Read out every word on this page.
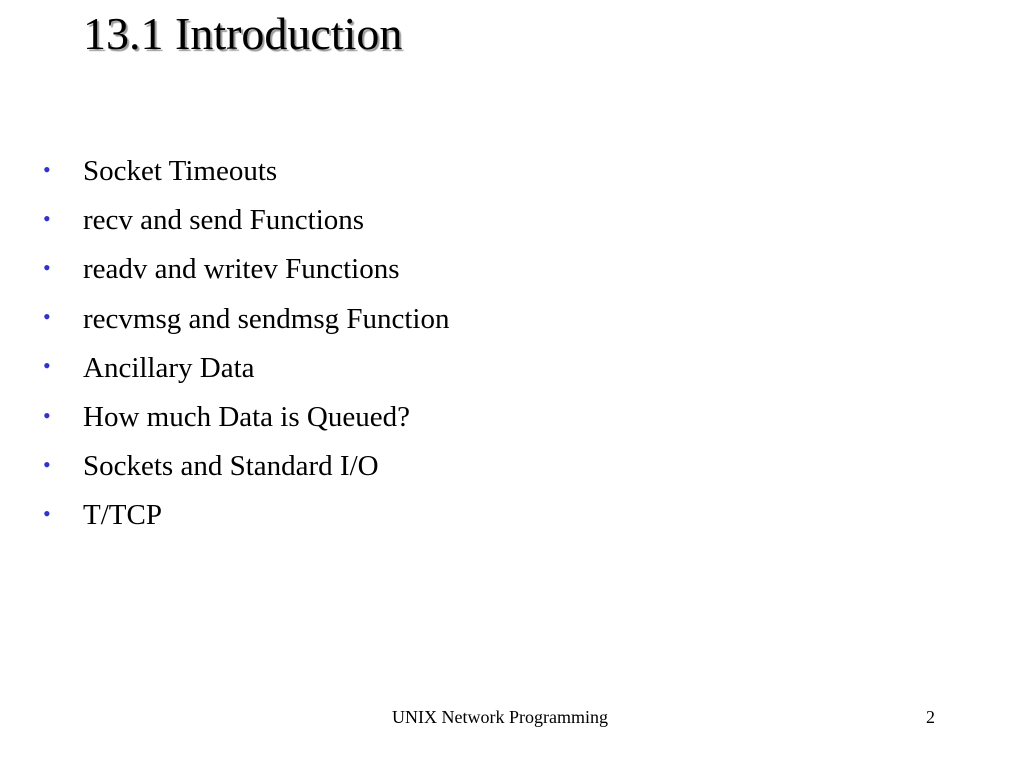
13.1 Introduction
•	Socket Timeouts
•	recv and send Functions
•	readv and writev Functions
•	recvmsg and sendmsg Function
•	Ancillary Data
•	How much Data is Queued?
•	Sockets and Standard I/O
•	T/TCP
UNIX Network Programming	2
